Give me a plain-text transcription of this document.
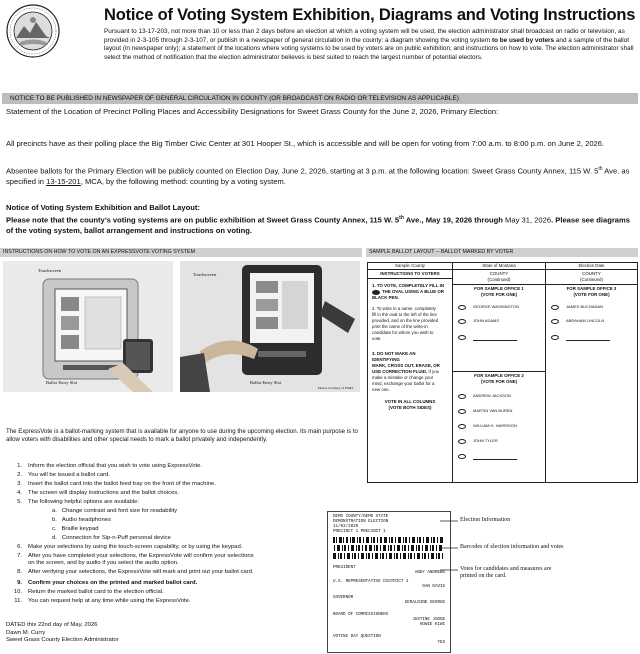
Notice of Voting System Exhibition, Diagrams and Voting Instructions
Pursuant to 13-17-203, not more than 10 or less than 2 days before an election at which a voting system will be used, the election administrator shall broadcast on radio or television, as provided in 2-3-105 through 2-3-107, or publish in a newspaper of general circulation in the county: a diagram showing the voting system to be used by voters and a sample of the ballot layout (in newspaper only); a statement of the locations where voting systems to be used by voters are on public exhibition; and instructions on how to vote. The election administrator shall select the method of notification that the election administrator believes is best suited to reach the largest number of potential electors.
NOTICE TO BE PUBLISHED IN NEWSPAPER OF GENERAL CIRCULATION IN COUNTY (OR BROADCAST ON RADIO OR TELEVISION AS APPLICABLE)
Statement of the Location of Precinct Polling Places and Accessibility Designations for Sweet Grass County for the June 2, 2026, Primary Election:
All precincts have as their polling place the Big Timber Civic Center at 301 Hooper St., which is accessible and will be open for voting from 7:00 a.m. to 8:00 p.m. on June 2, 2026.
Absentee ballots for the Primary Election will be publicly counted on Election Day, June 2, 2026, starting at 3 p.m. at the following location: Sweet Grass County Annex, 115 W. 5th Ave. as specified in 13-15-201, MCA, by the following method: counting by a voting system.
Notice of Voting System Exhibition and Ballot Layout:
Please note that the county’s voting systems are on public exhibition at Sweet Grass County Annex, 115 W. 5th Ave., May 19, 2026 through May 31, 2026. Please see diagrams of the voting system, ballot arrangement and instructions on voting.
INSTRUCTIONS ON HOW TO VOTE ON AN EXPRESSVOTE VOTING SYSTEM	SAMPLE BALLOT LAYOUT -- BALLOT MARKED BY VOTER
Touchscreen
Ballot Entry Slot
Touchscreen
Ballot Entry Slot
Photos Courtesy of ES&S
Sample County
INSTRUCTIONS TO VOTERS
1. TO VOTE, COMPLETELY FILL IN
THE OVAL USING A BLUE OR
BLACK PEN.
2. To write in a name, completely
fill in the oval to the left of the line
provided, and on the line provided
print the name of the write-in
candidate for whom you wish to
vote.
3. DO NOT MAKE AN
IDENTIFYING
MARK, CROSS OUT, ERASE, OR
USE CORRECTION FLUID. If you
make a mistake or change your
mind, exchange your ballot for a
new one.
VOTE IN ALL COLUMNS
(VOTE BOTH SIDES)
State of Montana
COUNTY
(Continued)
FOR SAMPLE OFFICE 1
(VOTE FOR ONE)
GEORGE WASHINGTON
JOHN ADAMS
FOR SAMPLE OFFICE 2
(VOTE FOR ONE)
ANDREW JACKSON
MARTIN VAN BUREN
WILLIAM H. HARRISON
JOHN TYLER
Election Date
COUNTY
(Continued)
FOR SAMPLE OFFICE 3
(VOTE FOR ONE)
JAMES BUCHANAN
ABRAHAM LINCOLN
The ExpressVote is a ballot-marking system that is available for anyone to use during the upcoming election. Its main purpose is to allow voters with disabilities and other special needs to mark a ballot privately and independently.
1. Inform the election official that you wish to vote using ExpressVote.
2. You will be issued a ballot card.
3. Insert the ballot card into the ballot feed tray on the front of the machine.
4. The screen will display instructions and the ballot choices.
5. The following helpful options are available:
a.   Change contrast and font size for readability
b.   Audio headphones
c.   Braille keypad
d.   Connection for Sip-n-Puff personal device
6. Make your selections by using the touch-screen capability, or by using the keypad.
7. After you have completed your selections, the ExpressVote will confirm your selections
on the screen, and by audio if you select the audio option.
8. After verifying your selections, the ExpressVote will mark and print out your ballot card.
9. Confirm your choices on the printed and marked ballot card.
10. Return the marked ballot card to the election official.
11. You can request help at any time while using the ExpressVote.
DATED this 22nd day of May, 2026
Dawn M. Curry
Sweet Grass County Election Administrator
DEMO COUNTY/DEMO STATE
DEMONSTRATION ELECTION
11/03/2020
PRECINCT 1 PRECINCT 1
PRESIDENT
ANDY ANDREWS
U.S. REPRESENTATIVE DISTRICT 1
DAN DAVIS
GOVERNOR
GERALDINE GEORGE
BOARD OF COMMISSIONERS
JUSTINE JUDGE
HOWIE KIWI
VOTING DAY QUESTION
YES
Election Information
Barcodes of election information and votes
Votes for candidates and measures are
printed on the card.
